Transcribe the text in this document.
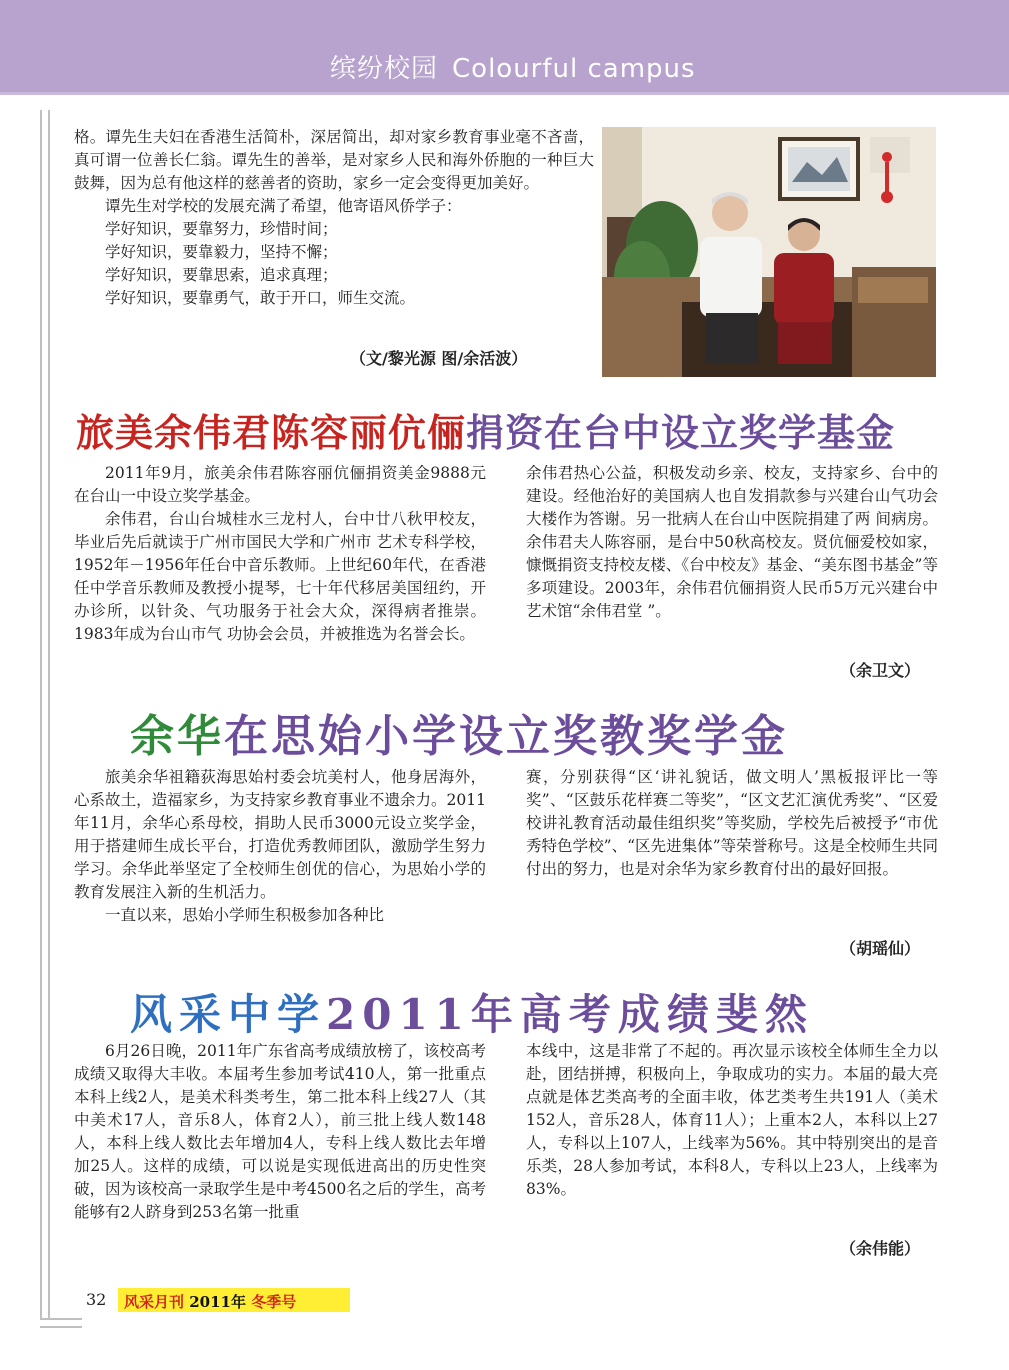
缤纷校园 Colourful campus

格。谭先生夫妇在香港生活简朴，深居简出，却对家乡教育事业毫不吝啬，真可谓一位善长仁翁。谭先生的善举，是对家乡人民和海外侨胞的一种巨大鼓舞，因为总有他这样的慈善者的资助，家乡一定会变得更加美好。

谭先生对学校的发展充满了希望，他寄语风侨学子：

学好知识，要靠努力，珍惜时间；

学好知识，要靠毅力，坚持不懈；

学好知识，要靠思索，追求真理；

学好知识，要靠勇气，敢于开口，师生交流。

（文/黎光源 图/余活波）
旅美余伟君陈容丽伉俪捐资在台中设立奖学基金

2011年9月，旅美余伟君陈容丽伉俪捐资美金9888元在台山一中设立奖学基金。

余伟君，台山台城桂水三龙村人，台中廿八秋甲校友，毕业后先后就读于广州市国民大学和广州市 艺术专科学校，1952年－1956年任台中音乐教师。上世纪60年代，在香港任中学音乐教师及教授小提琴，七十年代移居美国纽约，开办诊所，以针灸、气功服务于社会大众，深得病者推崇。1983年成为台山市气 功协会会员，并被推选为名誉会长。

余伟君热心公益，积极发动乡亲、校友，支持家乡、台中的建设。经他治好的美国病人也自发捐款参与兴建台山气功会大楼作为答谢。另一批病人在台山中医院捐建了两 间病房。余伟君夫人陈容丽，是台中50秋高校友。贤伉俪爱校如家，慷慨捐资支持校友楼、《台中校友》基金、“美东图书基金”等多项建设。2003年，余伟君伉俪捐资人民币5万元兴建台中艺术馆“余伟君堂 ”。

（余卫文）
余华在思始小学设立奖教奖学金

旅美余华祖籍荻海思始村委会坑美村人，他身居海外，心系故土，造福家乡，为支持家乡教育事业不遗余力。2011年11月，余华心系母校，捐助人民币3000元设立奖学金，用于搭建师生成长平台，打造优秀教师团队，激励学生努力学习。余华此举坚定了全校师生创优的信心，为思始小学的教育发展注入新的生机活力。

一直以来，思始小学师生积极参加各种比

赛，分别获得“区‘讲礼貌话，做文明人’黑板报评比一等奖”、“区鼓乐花样赛二等奖”，“区文艺汇演优秀奖”、“区爱校讲礼教育活动最佳组织奖”等奖励，学校先后被授予“市优秀特色学校”、“区先进集体”等荣誉称号。这是全校师生共同付出的努力，也是对余华为家乡教育付出的最好回报。

（胡瑶仙）
风采中学2011年高考成绩斐然

6月26日晚，2011年广东省高考成绩放榜了，该校高考成绩又取得大丰收。本届考生参加考试410人，第一批重点本科上线2人，是美术科类考生，第二批本科上线27人（其中美术17人，音乐8人，体育2人），前三批上线人数148人，本科上线人数比去年增加4人，专科上线人数比去年增加25人。这样的成绩，可以说是实现低进高出的历史性突破，因为该校高一录取学生是中考4500名之后的学生，高考能够有2人跻身到253名第一批重

本线中，这是非常了不起的。再次显示该校全体师生全力以赴，团结拼搏，积极向上，争取成功的实力。本届的最大亮点就是体艺类高考的全面丰收，体艺类考生共191人（美术152人，音乐28人，体育11人）；上重本2人，本科以上27人，专科以上107人，上线率为56%。其中特别突出的是音乐类，28人参加考试，本科8人，专科以上23人，上线率为83%。

（余伟能）
32 风采月刊 2011年 冬季号
